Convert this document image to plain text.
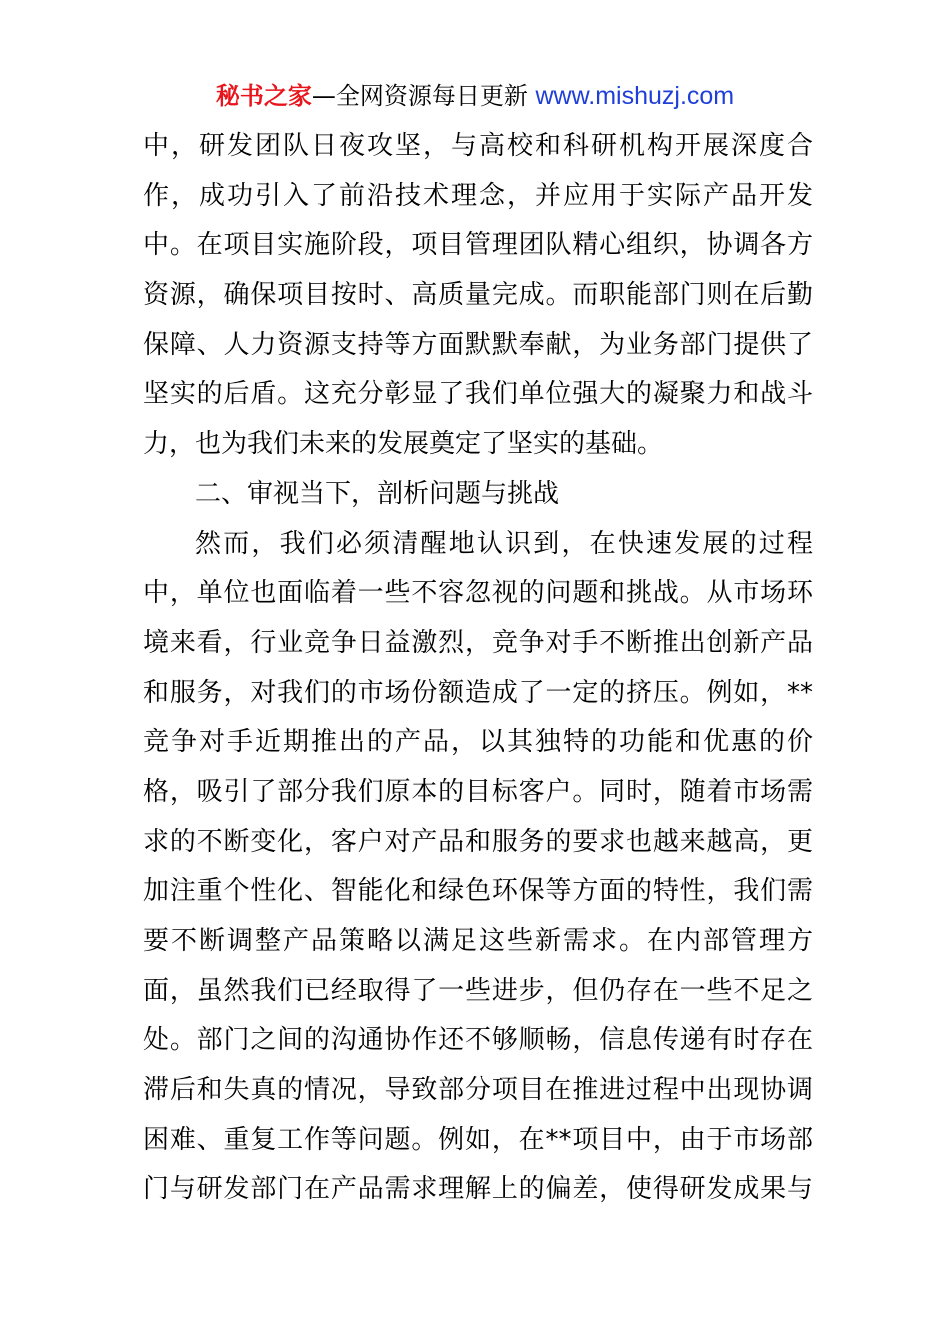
秘书之家—全网资源每日更新 www.mishuzj.com
中，研发团队日夜攻坚，与高校和科研机构开展深度合
作，成功引入了前沿技术理念，并应用于实际产品开发
中。在项目实施阶段，项目管理团队精心组织，协调各方
资源，确保项目按时、高质量完成。而职能部门则在后勤
保障、人力资源支持等方面默默奉献，为业务部门提供了
坚实的后盾。这充分彰显了我们单位强大的凝聚力和战斗
力，也为我们未来的发展奠定了坚实的基础。
二、审视当下，剖析问题与挑战
然而，我们必须清醒地认识到，在快速发展的过程
中，单位也面临着一些不容忽视的问题和挑战。从市场环
境来看，行业竞争日益激烈，竞争对手不断推出创新产品
和服务，对我们的市场份额造成了一定的挤压。例如，**
竞争对手近期推出的产品，以其独特的功能和优惠的价
格，吸引了部分我们原本的目标客户。同时，随着市场需
求的不断变化，客户对产品和服务的要求也越来越高，更
加注重个性化、智能化和绿色环保等方面的特性，我们需
要不断调整产品策略以满足这些新需求。在内部管理方
面，虽然我们已经取得了一些进步，但仍存在一些不足之
处。部门之间的沟通协作还不够顺畅，信息传递有时存在
滞后和失真的情况，导致部分项目在推进过程中出现协调
困难、重复工作等问题。例如，在**项目中，由于市场部
门与研发部门在产品需求理解上的偏差，使得研发成果与
